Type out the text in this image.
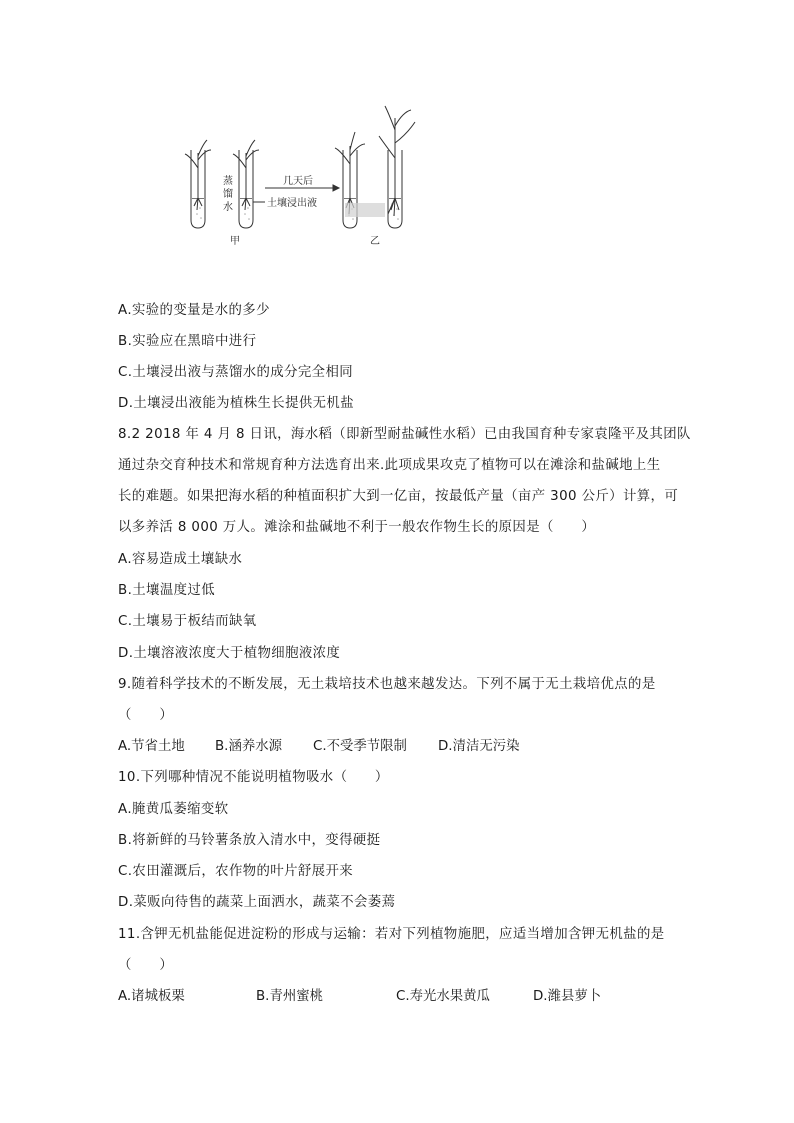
蒸馏水
几天后
土壤浸出液
甲	乙
A.实验的变量是水的多少
B.实验应在黑暗中进行
C.土壤浸出液与蒸馏水的成分完全相同
D.土壤浸出液能为植株生长提供无机盐
8.2 2018 年 4 月 8 日讯，海水稻（即新型耐盐碱性水稻）已由我国育种专家袁隆平及其团队
通过杂交育种技术和常规育种方法选育出来.此项成果攻克了植物可以在滩涂和盐碱地上生
长的难题。如果把海水稻的种植面积扩大到一亿亩，按最低产量（亩产 300 公斤）计算，可
以多养活 8 000 万人。滩涂和盐碱地不利于一般农作物生长的原因是（　　）
A.容易造成土壤缺水
B.土壤温度过低
C.土壤易于板结而缺氧
D.土壤溶液浓度大于植物细胞液浓度
9.随着科学技术的不断发展，无土栽培技术也越来越发达。下列不属于无土栽培优点的是
（　　）
A.节省土地 B.涵养水源 C.不受季节限制 D.清洁无污染
10.下列哪种情况不能说明植物吸水（　　）
A.腌黄瓜萎缩变软
B.将新鲜的马铃薯条放入清水中，变得硬挺
C.农田灌溉后，农作物的叶片舒展开来
D.菜贩向待售的蔬菜上面洒水，蔬菜不会萎蔫
11.含钾无机盐能促进淀粉的形成与运输：若对下列植物施肥，应适当增加含钾无机盐的是
（　　）
A.诸城板栗	B.青州蜜桃	C.寿光水果黄瓜	D.潍县萝卜
